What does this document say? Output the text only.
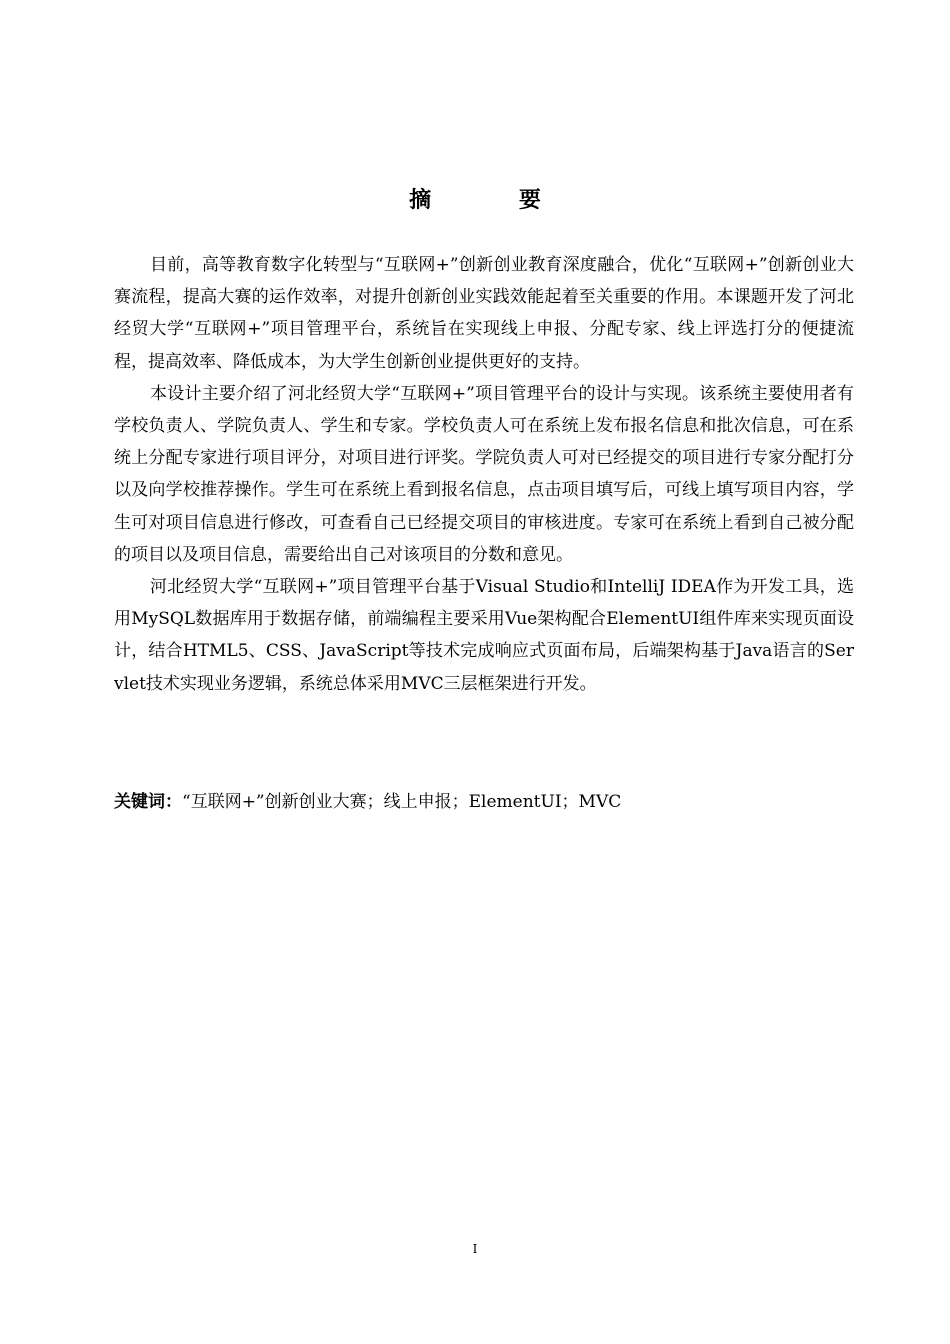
摘 要

目前，高等教育数字化转型与“互联网+”创新创业教育深度融合，优化“互联网+”创新创业大赛流程，提高大赛的运作效率，对提升创新创业实践效能起着至关重要的作用。本课题开发了河北经贸大学“互联网+”项目管理平台，系统旨在实现线上申报、分配专家、线上评选打分的便捷流程，提高效率、降低成本，为大学生创新创业提供更好的支持。

本设计主要介绍了河北经贸大学“互联网+”项目管理平台的设计与实现。该系统主要使用者有学校负责人、学院负责人、学生和专家。学校负责人可在系统上发布报名信息和批次信息，可在系统上分配专家进行项目评分，对项目进行评奖。学院负责人可对已经提交的项目进行专家分配打分以及向学校推荐操作。学生可在系统上看到报名信息，点击项目填写后，可线上填写项目内容，学生可对项目信息进行修改，可查看自己已经提交项目的审核进度。专家可在系统上看到自己被分配的项目以及项目信息，需要给出自己对该项目的分数和意见。

河北经贸大学“互联网+”项目管理平台基于Visual Studio和IntelliJ IDEA作为开发工具，选用MySQL数据库用于数据存储，前端编程主要采用Vue架构配合ElementUI组件库来实现页面设计，结合HTML5、CSS、JavaScript等技术完成响应式页面布局，后端架构基于Java语言的Servlet技术实现业务逻辑，系统总体采用MVC三层框架进行开发。

关键词：“互联网+”创新创业大赛；线上申报；ElementUI；MVC
I
